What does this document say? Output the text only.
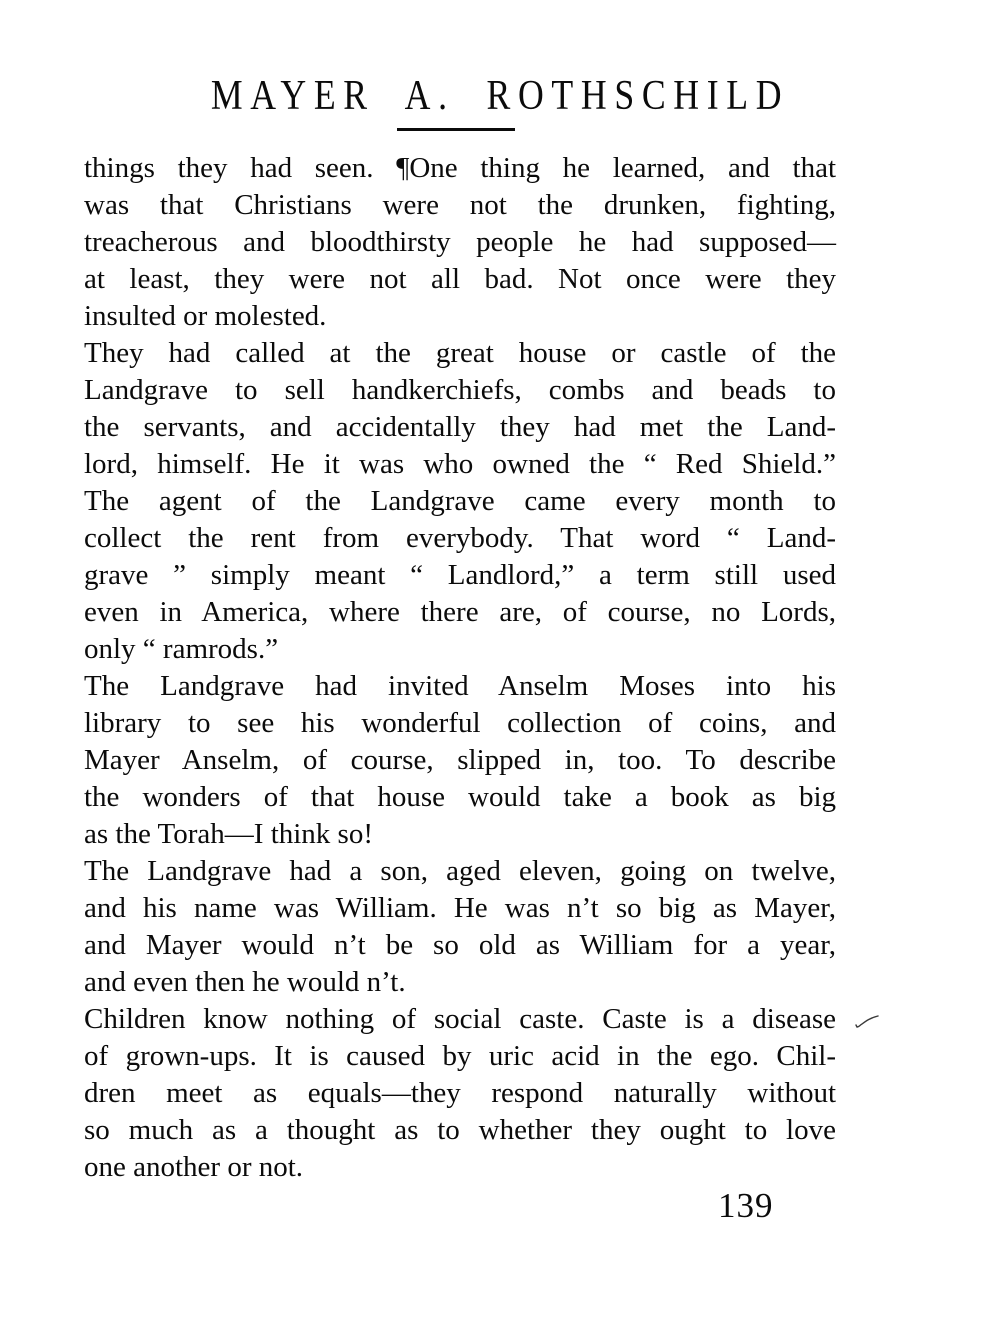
MAYER A. ROTHSCHILD
things they had seen. ¶One thing he learned, and that
was that Christians were not the drunken, fighting,
treacherous and bloodthirsty people he had supposed—
at least, they were not all bad. Not once were they
insulted or molested.
They had called at the great house or castle of the
Landgrave to sell handkerchiefs, combs and beads to
the servants, and accidentally they had met the Land-
lord, himself. He it was who owned the “ Red Shield.”
The agent of the Landgrave came every month to
collect the rent from everybody. That word “ Land-
grave ” simply meant “ Landlord,” a term still used
even in America, where there are, of course, no Lords,
only “ ramrods.”
The Landgrave had invited Anselm Moses into his
library to see his wonderful collection of coins, and
Mayer Anselm, of course, slipped in, too. To describe
the wonders of that house would take a book as big
as the Torah—I think so!
The Landgrave had a son, aged eleven, going on twelve,
and his name was William. He was n’t so big as Mayer,
and Mayer would n’t be so old as William for a year,
and even then he would n’t.
Children know nothing of social caste. Caste is a disease
of grown-ups. It is caused by uric acid in the ego. Chil-
dren meet as equals—they respond naturally without
so much as a thought as to whether they ought to love
one another or not.
139
